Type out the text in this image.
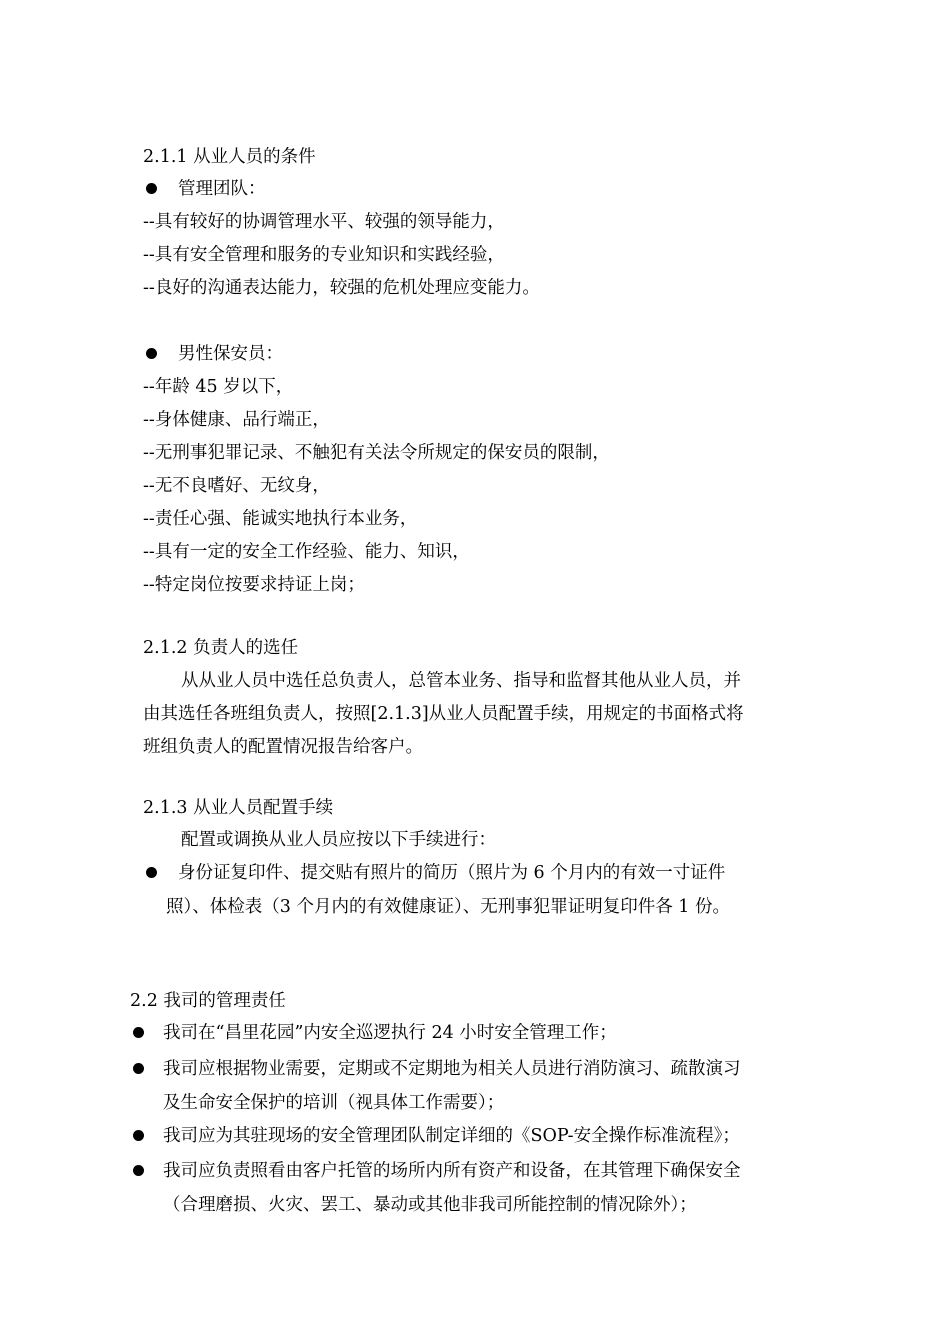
2.1.1 从业人员的条件
管理团队：
--具有较好的协调管理水平、较强的领导能力，
--具有安全管理和服务的专业知识和实践经验，
--良好的沟通表达能力，较强的危机处理应变能力。
男性保安员：
--年龄 45 岁以下，
--身体健康、品行端正，
--无刑事犯罪记录、不触犯有关法令所规定的保安员的限制，
--无不良嗜好、无纹身，
--责任心强、能诚实地执行本业务，
--具有一定的安全工作经验、能力、知识，
--特定岗位按要求持证上岗；
2.1.2 负责人的选任
从从业人员中选任总负责人，总管本业务、指导和监督其他从业人员，并
由其选任各班组负责人，按照[2.1.3]从业人员配置手续，用规定的书面格式将
班组负责人的配置情况报告给客户。
2.1.3 从业人员配置手续
配置或调换从业人员应按以下手续进行：
身份证复印件、提交贴有照片的简历（照片为 6 个月内的有效一寸证件
照）、体检表（3 个月内的有效健康证）、无刑事犯罪证明复印件各 1 份。
2.2 我司的管理责任
我司在“昌里花园”内安全巡逻执行 24 小时安全管理工作；
我司应根据物业需要，定期或不定期地为相关人员进行消防演习、疏散演习
及生命安全保护的培训（视具体工作需要）；
我司应为其驻现场的安全管理团队制定详细的《SOP-安全操作标准流程》；
我司应负责照看由客户托管的场所内所有资产和设备，在其管理下确保安全
（合理磨损、火灾、罢工、暴动或其他非我司所能控制的情况除外）；
